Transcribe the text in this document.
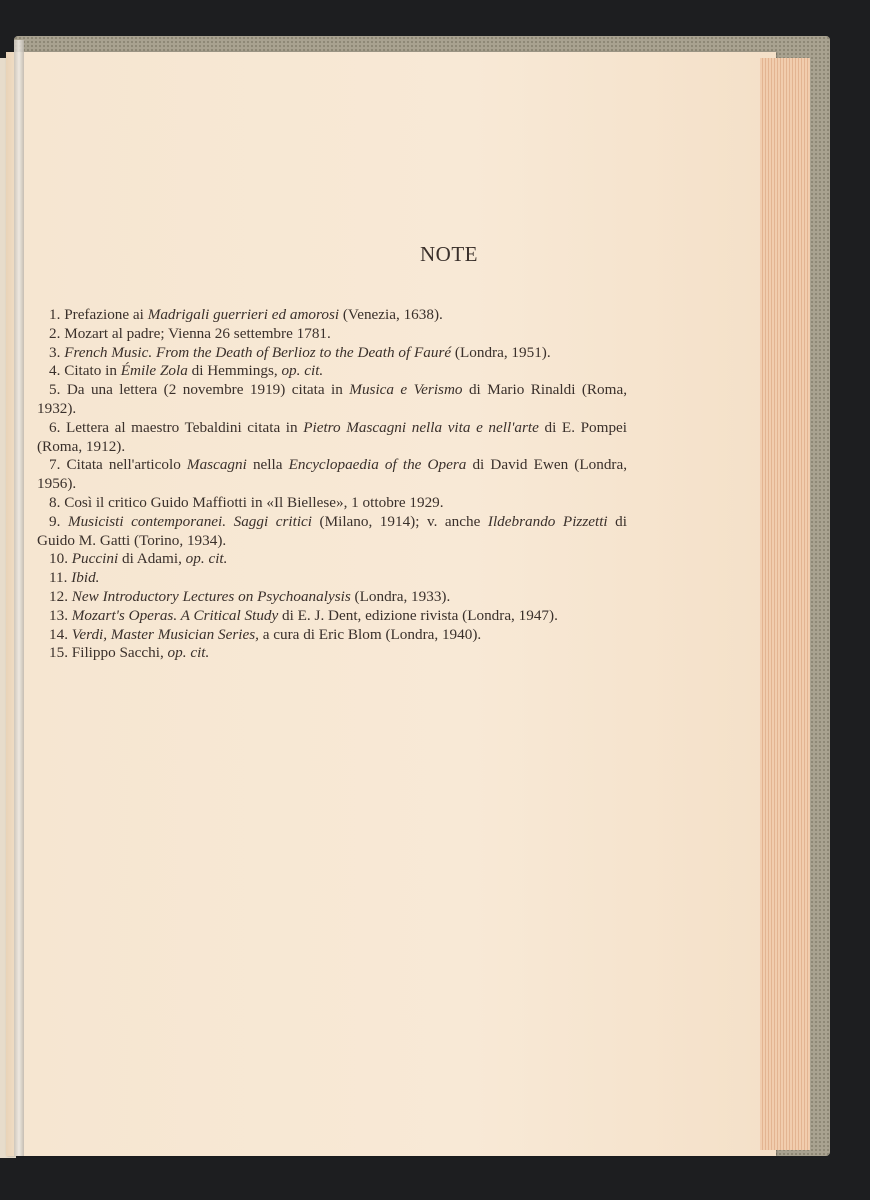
NOTE

1. Prefazione ai Madrigali guerrieri ed amorosi (Venezia, 1638).

2. Mozart al padre; Vienna 26 settembre 1781.

3. French Music. From the Death of Berlioz to the Death of Fauré (Londra, 1951).

4. Citato in Émile Zola di Hemmings, op. cit.

5. Da una lettera (2 novembre 1919) citata in Musica e Verismo di Mario Rinaldi (Roma, 1932).

6. Lettera al maestro Tebaldini citata in Pietro Mascagni nella vita e nell'arte di E. Pompei (Roma, 1912).

7. Citata nell'articolo Mascagni nella Encyclopaedia of the Opera di David Ewen (Londra, 1956).

8. Così il critico Guido Maffiotti in «Il Biellese», 1 ottobre 1929.

9. Musicisti contemporanei. Saggi critici (Milano, 1914); v. anche Ildebrando Pizzetti di Guido M. Gatti (Torino, 1934).

10. Puccini di Adami, op. cit.

11. Ibid.

12. New Introductory Lectures on Psychoanalysis (Londra, 1933).

13. Mozart's Operas. A Critical Study di E. J. Dent, edizione rivista (Londra, 1947).

14. Verdi, Master Musician Series, a cura di Eric Blom (Londra, 1940).

15. Filippo Sacchi, op. cit.
